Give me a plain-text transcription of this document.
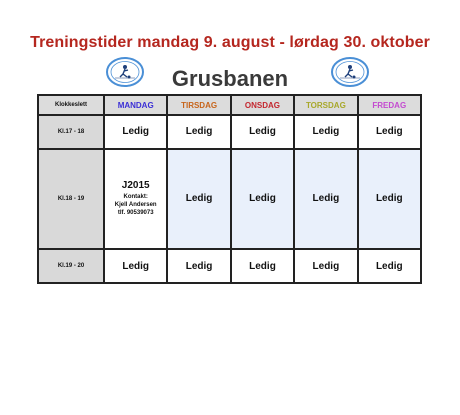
Treningstider mandag 9. august - lørdag 30. oktober
Grusbanen
Klokkeslett	MANDAG	TIRSDAG	ONSDAG	TORSDAG	FREDAG
Kl.17 - 18	Ledig	Ledig	Ledig	Ledig	Ledig
Kl.18 - 19	J2015
Kontakt:
Kjell Andersen
tlf. 90539073	Ledig	Ledig	Ledig	Ledig
Kl.19 - 20	Ledig	Ledig	Ledig	Ledig	Ledig
